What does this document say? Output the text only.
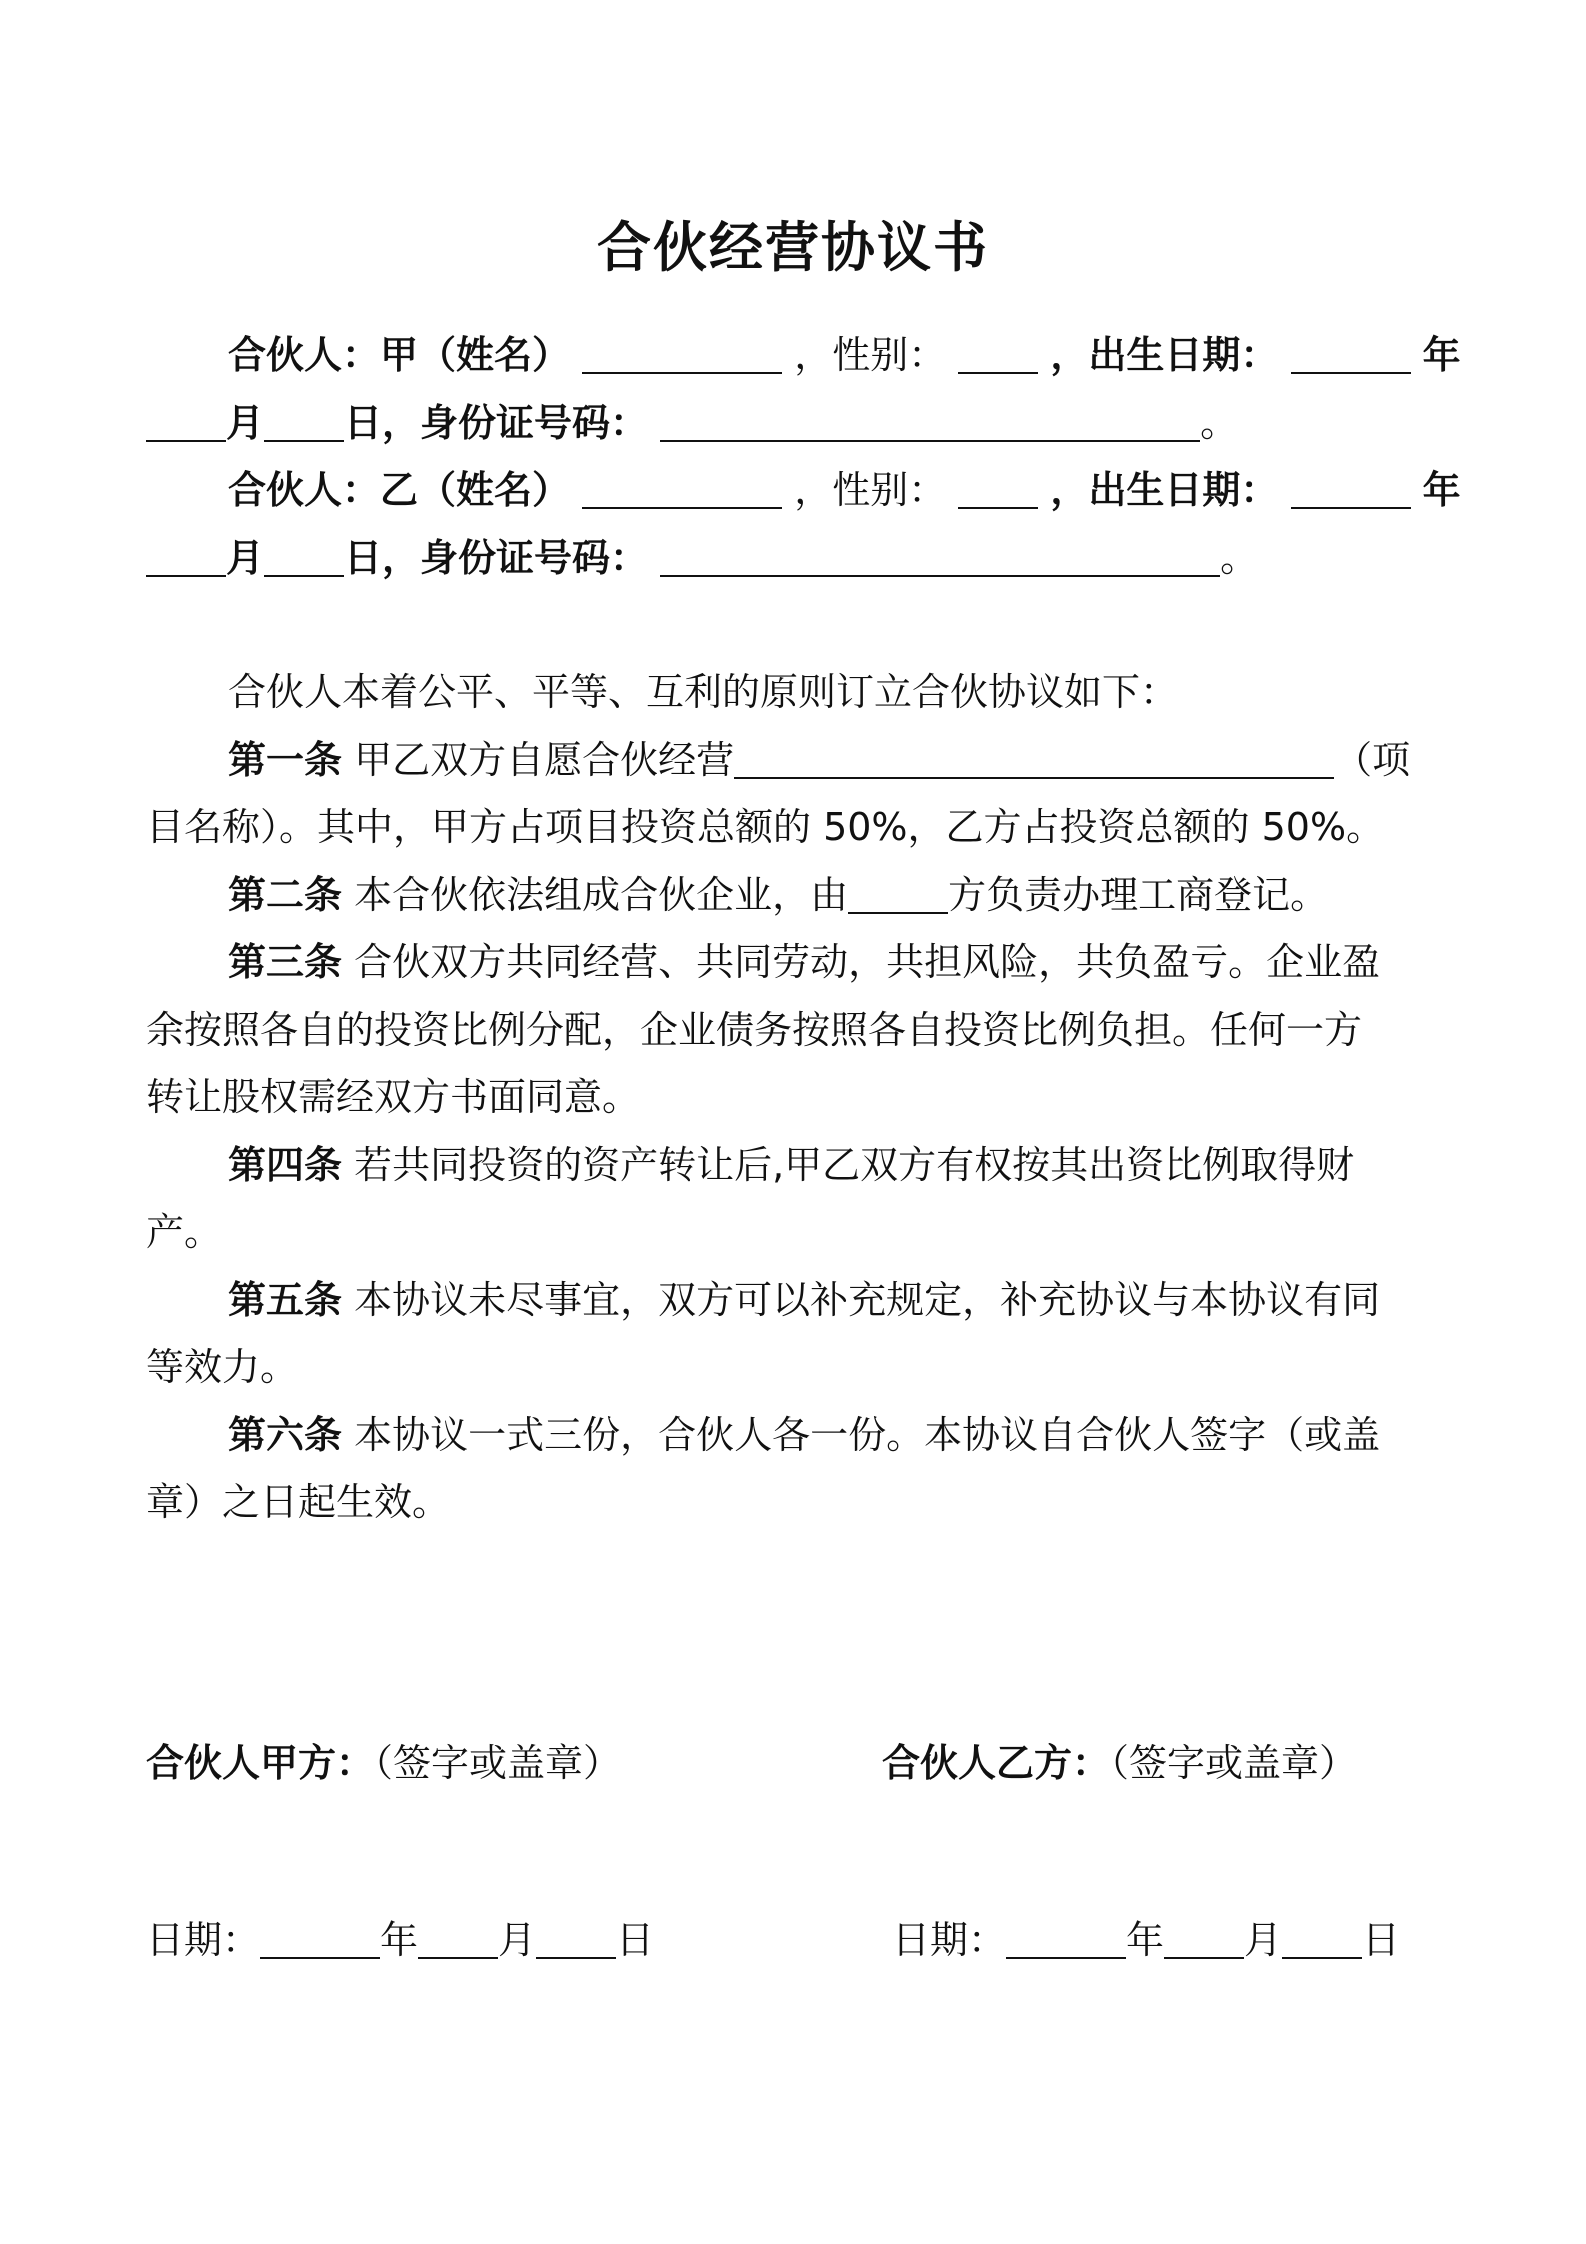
合伙经营协议书
合伙人：甲（姓名）	，性别：	，出生日期：	年
月 日，身份证号码：	。
合伙人：乙（姓名）	，性别：	，出生日期：	年
月 日，身份证号码：	。
合伙人本着公平、平等、互利的原则订立合伙协议如下：
第一条 甲乙双方自愿合伙经营	（项
目名称）。其中，甲方占项目投资总额的 50%，乙方占投资总额的 50%。
第二条 本合伙依法组成合伙企业，由	方负责办理工商登记。
第三条 合伙双方共同经营、共同劳动，共担风险，共负盈亏。企业盈
余按照各自的投资比例分配，企业债务按照各自投资比例负担。任何一方
转让股权需经双方书面同意。
第四条 若共同投资的资产转让后,甲乙双方有权按其出资比例取得财
产。
第五条 本协议未尽事宜，双方可以补充规定，补充协议与本协议有同
等效力。
第六条 本协议一式三份，合伙人各一份。本协议自合伙人签字（或盖
章）之日起生效。
合伙人甲方：（签字或盖章）	合伙人乙方：（签字或盖章）
日期：	年 月 日	日期：	年 月 日
